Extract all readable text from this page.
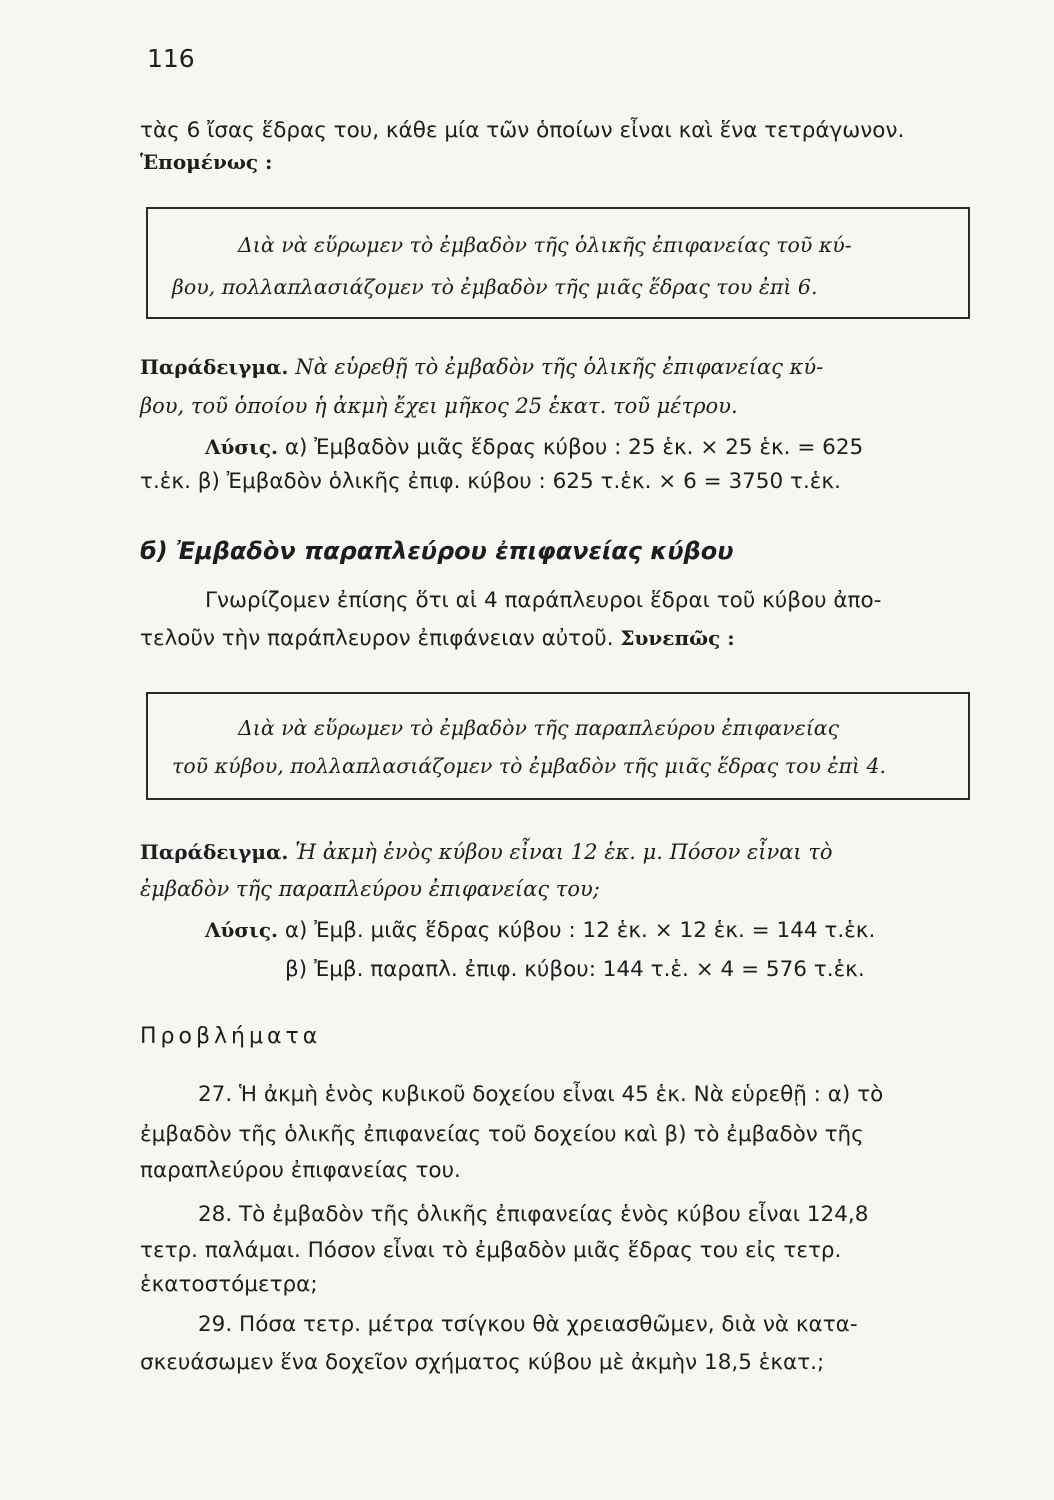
116
τὰς 6 ἴσας ἕδρας του, κάθε μία τῶν ὁποίων εἶναι καὶ ἕνα τετράγωνον.
Ἑπομένως :
Διὰ νὰ εὕρωμεν τὸ ἐμβαδὸν τῆς ὁλικῆς ἐπιφανείας τοῦ κύ-
βου, πολλαπλασιάζομεν τὸ ἐμβαδὸν τῆς μιᾶς ἕδρας του ἐπὶ 6.
Παράδειγμα. Νὰ εὑρεθῇ τὸ ἐμβαδὸν τῆς ὁλικῆς ἐπιφανείας κύ-
βου, τοῦ ὁποίου ἡ ἀκμὴ ἔχει μῆκος 25 ἑκατ. τοῦ μέτρου.
Λύσις. α) Ἐμβαδὸν μιᾶς ἕδρας κύβου : 25 ἑκ. × 25 ἑκ. = 625
τ.ἑκ. β) Ἐμβαδὸν ὁλικῆς ἐπιφ. κύβου : 625 τ.ἑκ. × 6 = 3750 τ.ἑκ.
б) Ἐμβαδὸν παραπλεύρου ἐπιφανείας κύβου
Γνωρίζομεν ἐπίσης ὅτι αἱ 4 παράπλευροι ἕδραι τοῦ κύβου ἀπο-
τελοῦν τὴν παράπλευρον ἐπιφάνειαν αὐτοῦ. Συνεπῶς :
Διὰ νὰ εὕρωμεν τὸ ἐμβαδὸν τῆς παραπλεύρου ἐπιφανείας
τοῦ κύβου, πολλαπλασιάζομεν τὸ ἐμβαδὸν τῆς μιᾶς ἕδρας του ἐπὶ 4.
Παράδειγμα. Ἡ ἀκμὴ ἑνὸς κύβου εἶναι 12 ἑκ. μ. Πόσον εἶναι τὸ
ἐμβαδὸν τῆς παραπλεύρου ἐπιφανείας του;
Λύσις. α) Ἐμβ. μιᾶς ἕδρας κύβου : 12 ἑκ. × 12 ἑκ. = 144 τ.ἑκ.
β) Ἐμβ. παραπλ. ἐπιφ. κύβου: 144 τ.ἑ. × 4 = 576 τ.ἑκ.
Προβλήματα
27. Ἡ ἀκμὴ ἑνὸς κυβικοῦ δοχείου εἶναι 45 ἑκ. Νὰ εὑρεθῇ : α) τὸ
ἐμβαδὸν τῆς ὁλικῆς ἐπιφανείας τοῦ δοχείου καὶ β) τὸ ἐμβαδὸν τῆς
παραπλεύρου ἐπιφανείας του.
28. Τὸ ἐμβαδὸν τῆς ὁλικῆς ἐπιφανείας ἑνὸς κύβου εἶναι 124,8
τετρ. παλάμαι. Πόσον εἶναι τὸ ἐμβαδὸν μιᾶς ἕδρας του εἰς τετρ.
ἑκατοστόμετρα;
29. Πόσα τετρ. μέτρα τσίγκου θὰ χρειασθῶμεν, διὰ νὰ κατα-
σκευάσωμεν ἕνα δοχεῖον σχήματος κύβου μὲ ἀκμὴν 18,5 ἑκατ.;
